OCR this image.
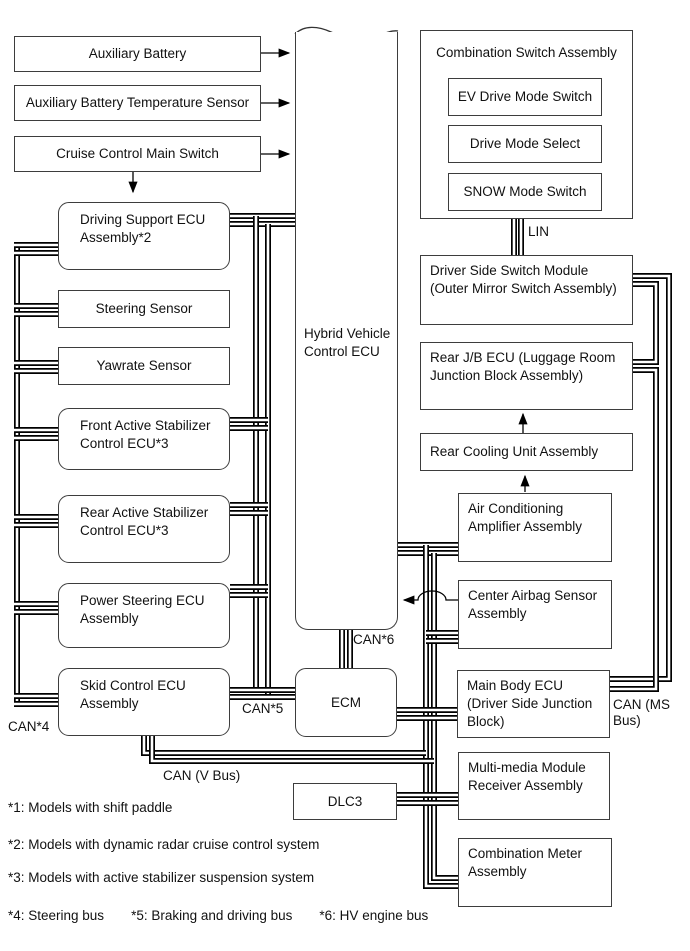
Auxiliary Battery
Auxiliary Battery Temperature Sensor
Cruise Control Main Switch
Driving Support ECU Assembly*2
Steering Sensor
Yawrate Sensor
Front Active Stabilizer Control ECU*3
Rear Active Stabilizer Control ECU*3
Power Steering ECU Assembly
Skid Control ECU Assembly
Hybrid Vehicle Control ECU
ECM
DLC3
Combination Switch Assembly
EV Drive Mode Switch
Drive Mode Select
SNOW Mode Switch
Driver Side Switch Module (Outer Mirror Switch Assembly)
Rear J/B ECU (Luggage Room Junction Block Assembly)
Rear Cooling Unit Assembly
Air Conditioning Amplifier Assembly
Center Airbag Sensor Assembly
Main Body ECU (Driver Side Junction Block)
Multi-media Module Receiver Assembly
Combination Meter Assembly
LIN
CAN*4
CAN*5
CAN*6
CAN (V Bus)
CAN (MS Bus)
*1: Models with shift paddle
*2: Models with dynamic radar cruise control system
*3: Models with active stabilizer suspension system
*4: Steering bus *5: Braking and driving bus *6: HV engine bus
